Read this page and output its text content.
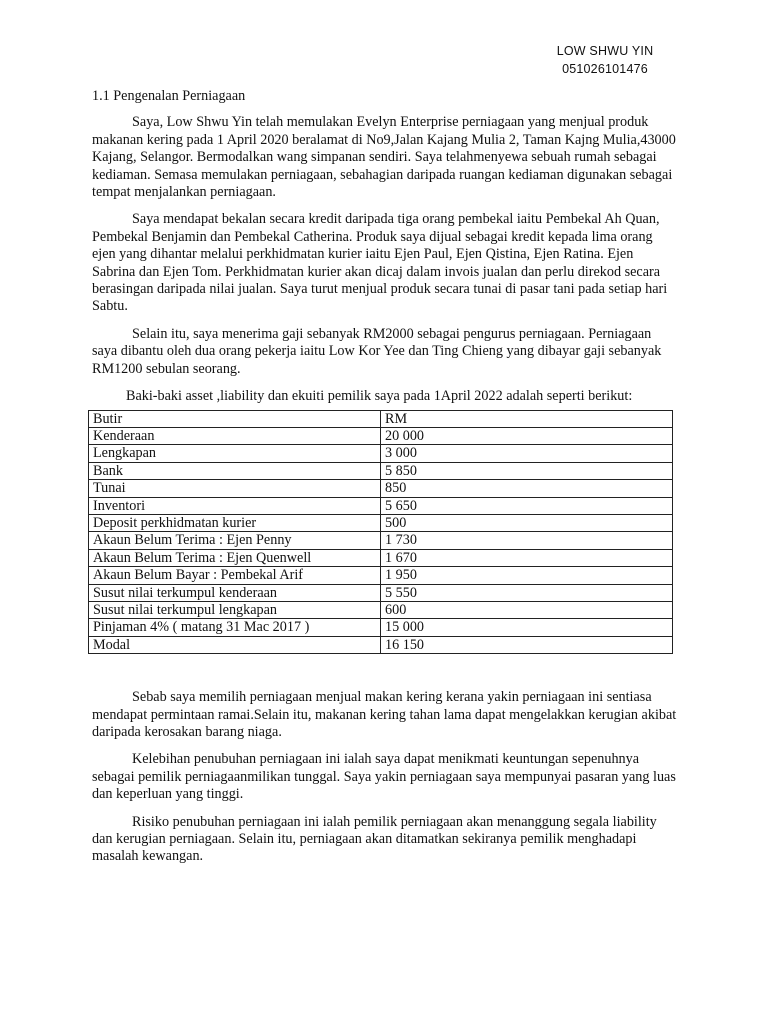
LOW SHWU YIN
051026101476
1.1 Pengenalan Perniagaan

Saya, Low Shwu Yin telah memulakan Evelyn Enterprise perniagaan yang menjual produk makanan kering pada 1 April 2020 beralamat di No9,Jalan Kajang Mulia 2, Taman Kajng Mulia,43000 Kajang, Selangor. Bermodalkan wang simpanan sendiri. Saya telahmenyewa sebuah rumah sebagai kediaman. Semasa memulakan perniagaan, sebahagian daripada ruangan kediaman digunakan sebagai tempat menjalankan perniagaan.

Saya mendapat bekalan secara kredit daripada tiga orang pembekal iaitu Pembekal Ah Quan, Pembekal Benjamin dan Pembekal Catherina. Produk saya dijual sebagai kredit kepada lima orang ejen yang dihantar melalui perkhidmatan kurier iaitu Ejen Paul, Ejen Qistina, Ejen Ratina. Ejen Sabrina dan Ejen Tom. Perkhidmatan kurier akan dicaj dalam invois jualan dan perlu direkod secara berasingan daripada nilai jualan. Saya turut menjual produk secara tunai di pasar tani pada setiap hari Sabtu.

Selain itu, saya menerima gaji sebanyak RM2000 sebagai pengurus perniagaan. Perniagaan saya dibantu oleh dua orang pekerja iaitu Low Kor Yee dan Ting Chieng yang dibayar gaji sebanyak RM1200 sebulan seorang.

Baki-baki asset ,liability dan ekuiti pemilik saya pada 1April 2022 adalah seperti berikut:

Butir	RM
Kenderaan	20 000
Lengkapan	3 000
Bank	5 850
Tunai	850
Inventori	5 650
Deposit perkhidmatan kurier	500
Akaun Belum Terima : Ejen Penny	1 730
Akaun Belum Terima : Ejen Quenwell	1 670
Akaun Belum Bayar : Pembekal Arif	1 950
Susut nilai terkumpul kenderaan	5 550
Susut nilai terkumpul lengkapan	600
Pinjaman 4% ( matang 31 Mac 2017 )	15 000
Modal	16 150

Sebab saya memilih perniagaan menjual makan kering kerana yakin perniagaan ini sentiasa mendapat permintaan ramai.Selain itu, makanan kering tahan lama dapat mengelakkan kerugian akibat daripada kerosakan barang niaga.

Kelebihan penubuhan perniagaan ini ialah saya dapat menikmati keuntungan sepenuhnya sebagai pemilik perniagaanmilikan tunggal. Saya yakin perniagaan saya mempunyai pasaran yang luas dan keperluan yang tinggi.

Risiko penubuhan perniagaan ini ialah pemilik perniagaan akan menanggung segala liability dan kerugian perniagaan. Selain itu, perniagaan akan ditamatkan sekiranya pemilik menghadapi masalah kewangan.
